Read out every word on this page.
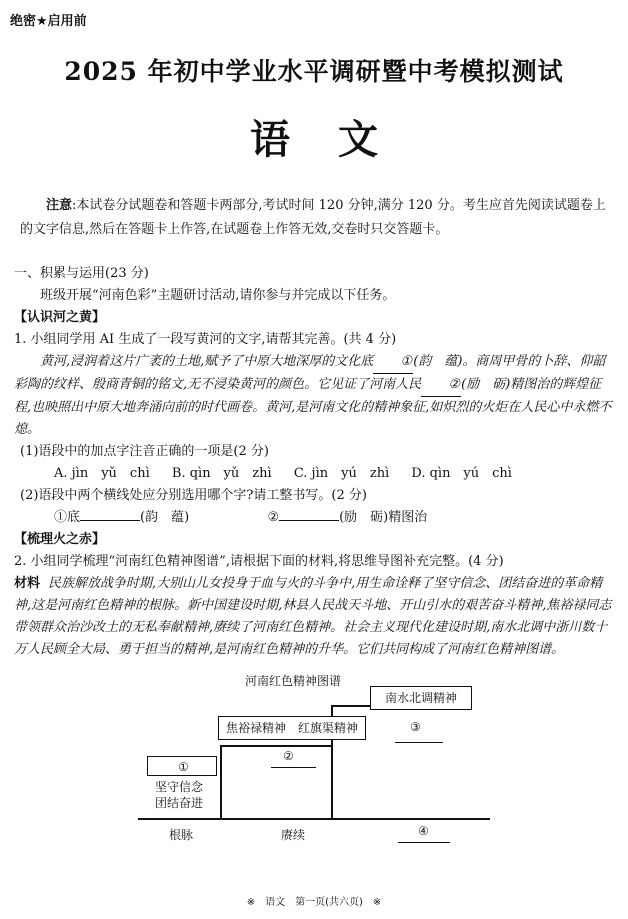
绝密★启用前
2025 年初中学业水平调研暨中考模拟测试
语文
注意:本试卷分试题卷和答题卡两部分,考试时间 120 分钟,满分 120 分。考生应首先阅读试题卷上的文字信息,然后在答题卡上作答,在试题卷上作答无效,交卷时只交答题卡。
一、积累与运用(23 分)
班级开展“河南色彩”主题研讨活动,请你参与并完成以下任务。
【认识河之黄】
1. 小组同学用 AI 生成了一段写黄河的文字,请帮其完善。(共 4 分)
黄河,浸润着这片广袤的土地,赋予了中原大地深厚的文化底 ①(韵　蕴)。商周甲骨的卜辞、仰韶彩陶的纹样、殷商青铜的铭文,无不浸染黄河的颜色。它见证了河南人民 ②(励　砺)精图治的辉煌征程,也映照出中原大地奔涌向前的时代画卷。黄河,是河南文化的精神象征,如炽烈的火炬在人民心中永燃不熄。
(1)语段中的加点字注音正确的一项是(2 分)
A. jìn　yǔ　chì B. qìn　yǔ　zhì C. jìn　yú　zhì D. qìn　yú　chì
(2)语段中两个横线处应分别选用哪个字?请工整书写。(2 分)
①底	(韵　蕴)	②	(励　砺)精图治
【梳理火之赤】
2. 小组同学梳理“河南红色精神图谱”,请根据下面的材料,将思维导图补充完整。(4 分)
材料 民族解放战争时期,大别山儿女投身于血与火的斗争中,用生命诠释了坚守信念、团结奋进的革命精神,这是河南红色精神的根脉。新中国建设时期,林县人民战天斗地、开山引水的艰苦奋斗精神,焦裕禄同志带领群众治沙改土的无私奉献精神,赓续了河南红色精神。社会主义现代化建设时期,南水北调中浙川数十万人民顾全大局、勇于担当的精神,是河南红色精神的升华。它们共同构成了河南红色精神图谱。
河南红色精神图谱
①
坚守信念
团结奋进
焦裕禄精神　红旗渠精神
②
南水北调精神
③
根脉	赓续	④
※　语文　第一页(共六页)　※
